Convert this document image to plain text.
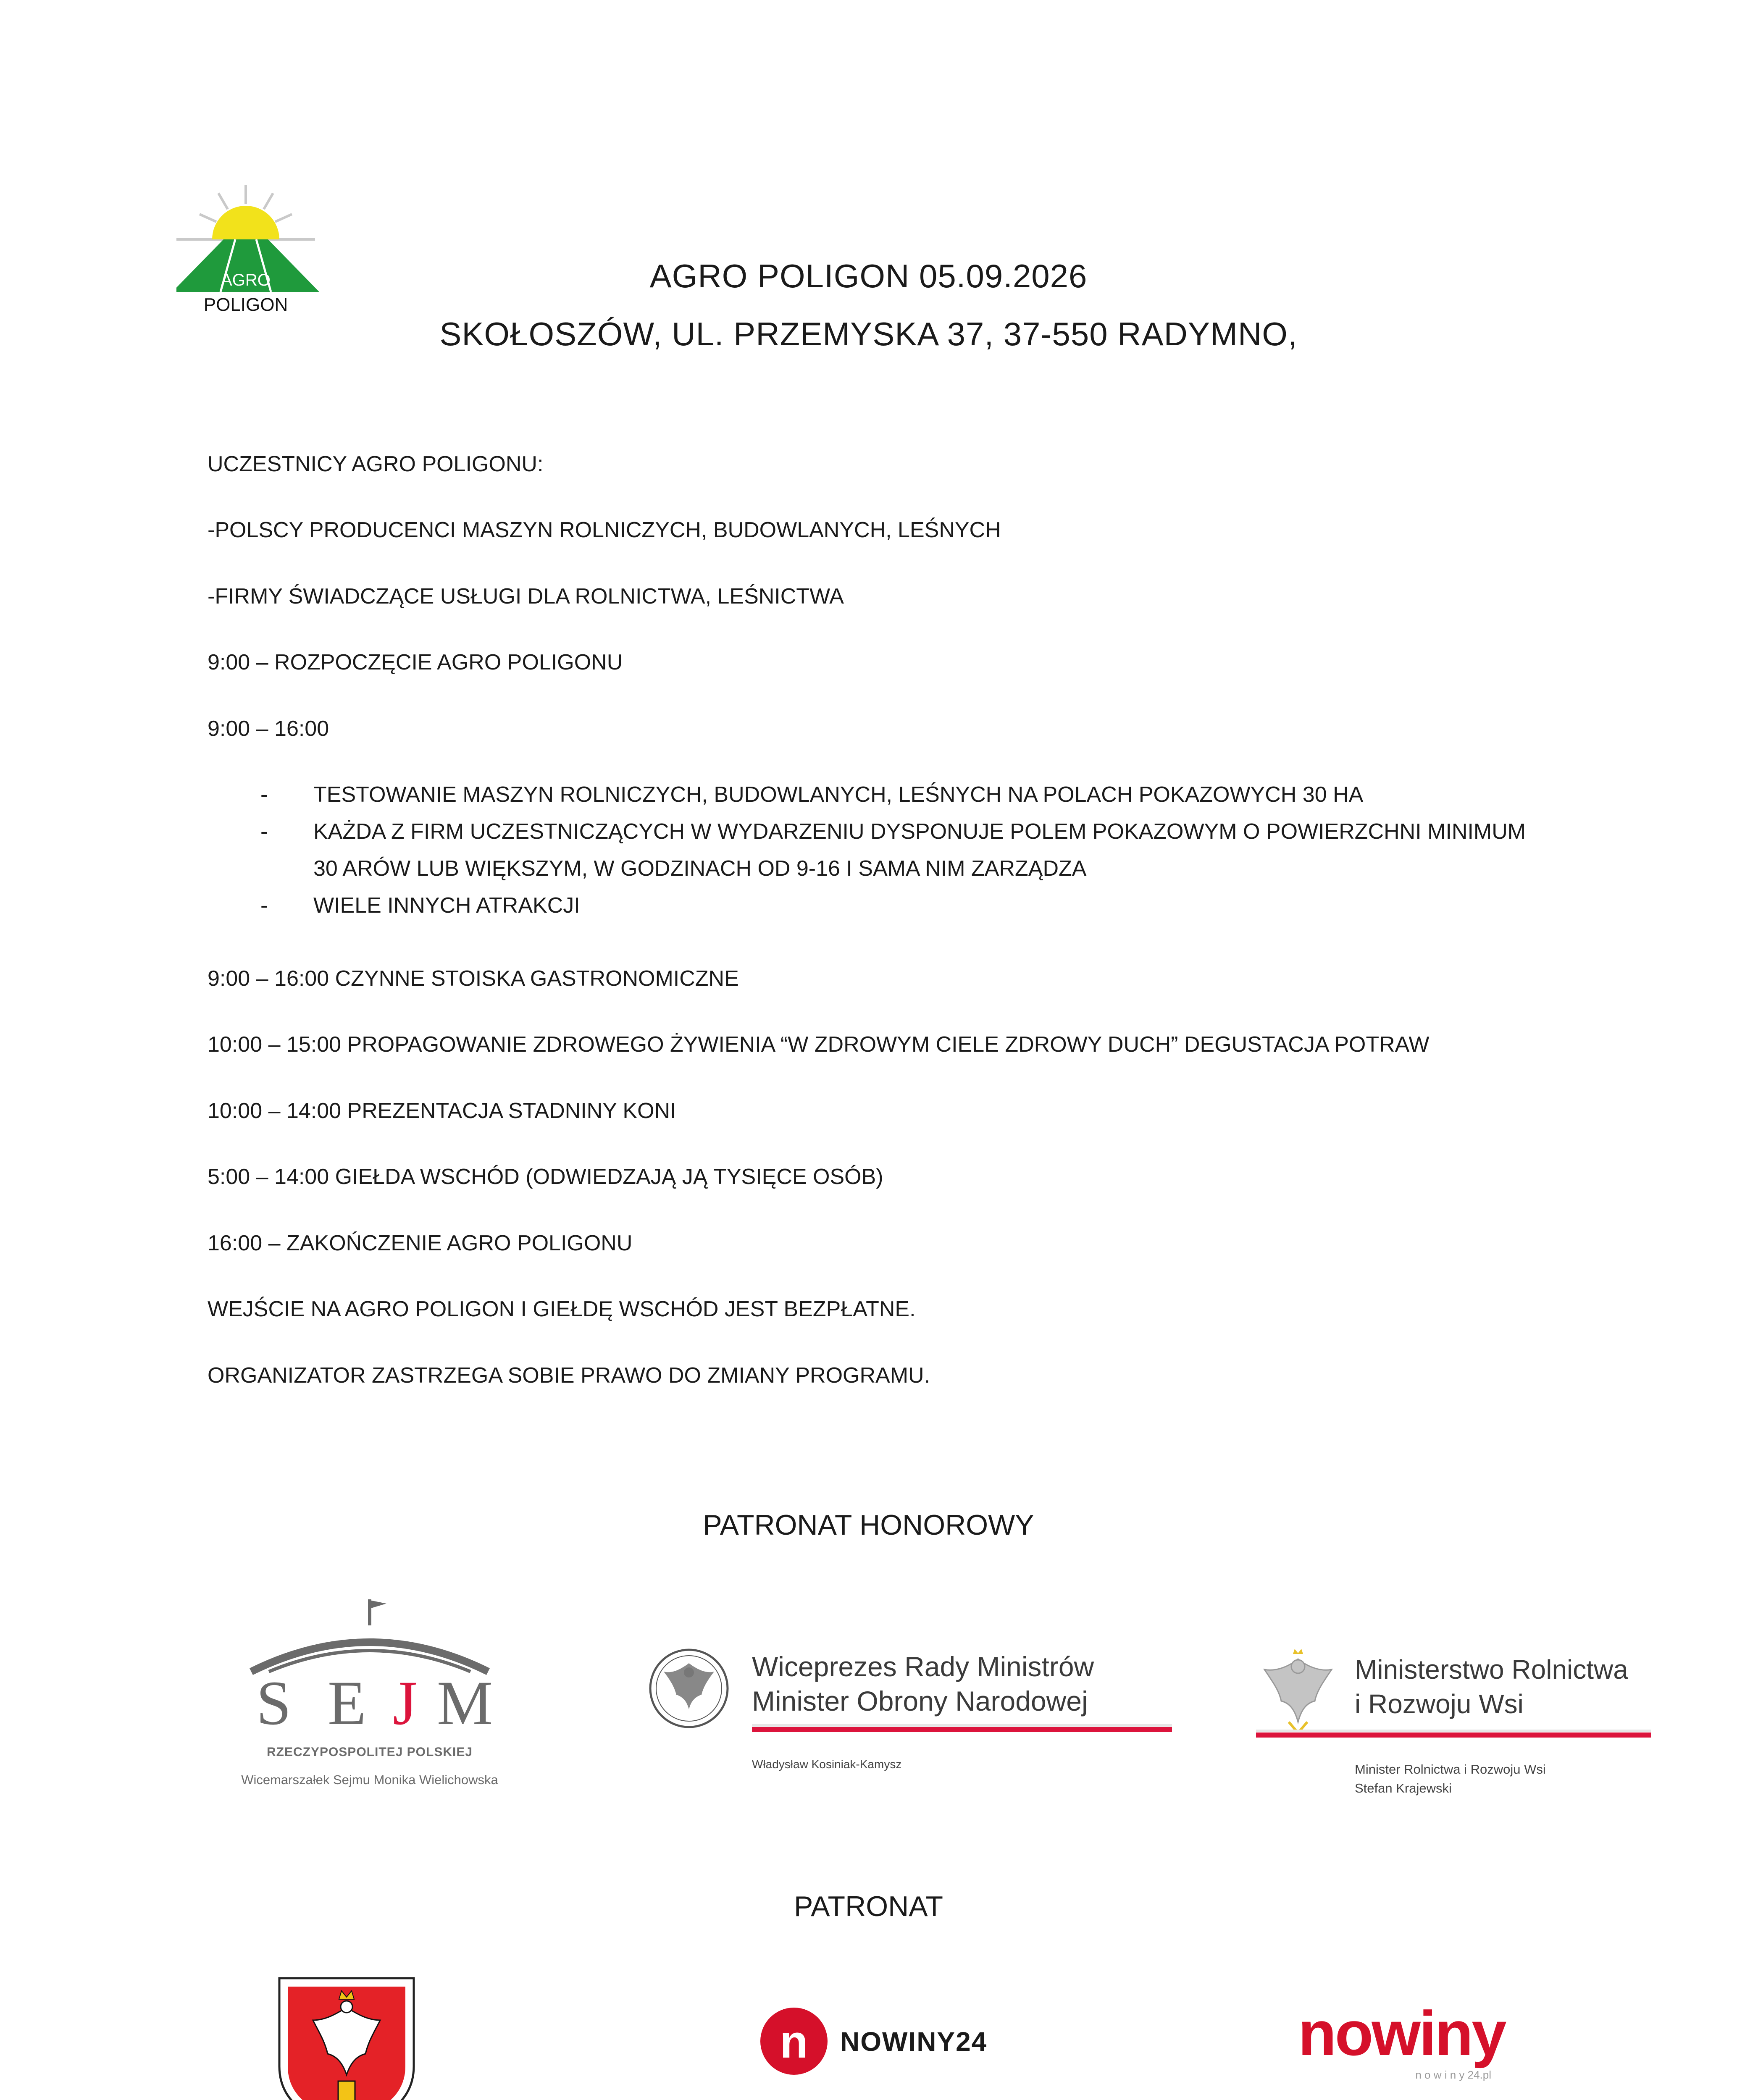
AGRO
POLIGON
AGRO POLIGON 05.09.2026
SKOŁOSZÓW, UL. PRZEMYSKA 37, 37-550 RADYMNO,
UCZESTNICY AGRO POLIGONU:
-POLSCY PRODUCENCI MASZYN ROLNICZYCH, BUDOWLANYCH, LEŚNYCH
-FIRMY ŚWIADCZĄCE USŁUGI DLA ROLNICTWA, LEŚNICTWA
9:00 – ROZPOCZĘCIE AGRO POLIGONU
9:00 – 16:00
- TESTOWANIE MASZYN ROLNICZYCH, BUDOWLANYCH, LEŚNYCH NA POLACH POKAZOWYCH 30 HA
- KAŻDA Z FIRM UCZESTNICZĄCYCH W WYDARZENIU DYSPONUJE POLEM POKAZOWYM O POWIERZCHNI MINIMUM
30 ARÓW LUB WIĘKSZYM, W GODZINACH OD 9-16 I SAMA NIM ZARZĄDZA
- WIELE INNYCH ATRAKCJI
9:00 – 16:00 CZYNNE STOISKA GASTRONOMICZNE
10:00 – 15:00 PROPAGOWANIE ZDROWEGO ŻYWIENIA “W ZDROWYM CIELE ZDROWY DUCH” DEGUSTACJA POTRAW
10:00 – 14:00 PREZENTACJA STADNINY KONI
5:00 – 14:00 GIEŁDA WSCHÓD (ODWIEDZAJĄ JĄ TYSIĘCE OSÓB)
16:00 – ZAKOŃCZENIE AGRO POLIGONU
WEJŚCIE NA AGRO POLIGON I GIEŁDĘ WSCHÓD JEST BEZPŁATNE.
ORGANIZATOR ZASTRZEGA SOBIE PRAWO DO ZMIANY PROGRAMU.
PATRONAT HONOROWY
S E J M
RZECZYPOSPOLITEJ POLSKIEJ
Wicemarszałek Sejmu Monika Wielichowska
Wiceprezes Rady Ministrów
Minister Obrony Narodowej
Władysław Kosiniak-Kamysz
Ministerstwo Rolnictwa
i Rozwoju Wsi
Minister Rolnictwa i Rozwoju Wsi
Stefan Krajewski
PATRONAT
n	NOWINY24	nowiny
n o w i n y 24.pl
